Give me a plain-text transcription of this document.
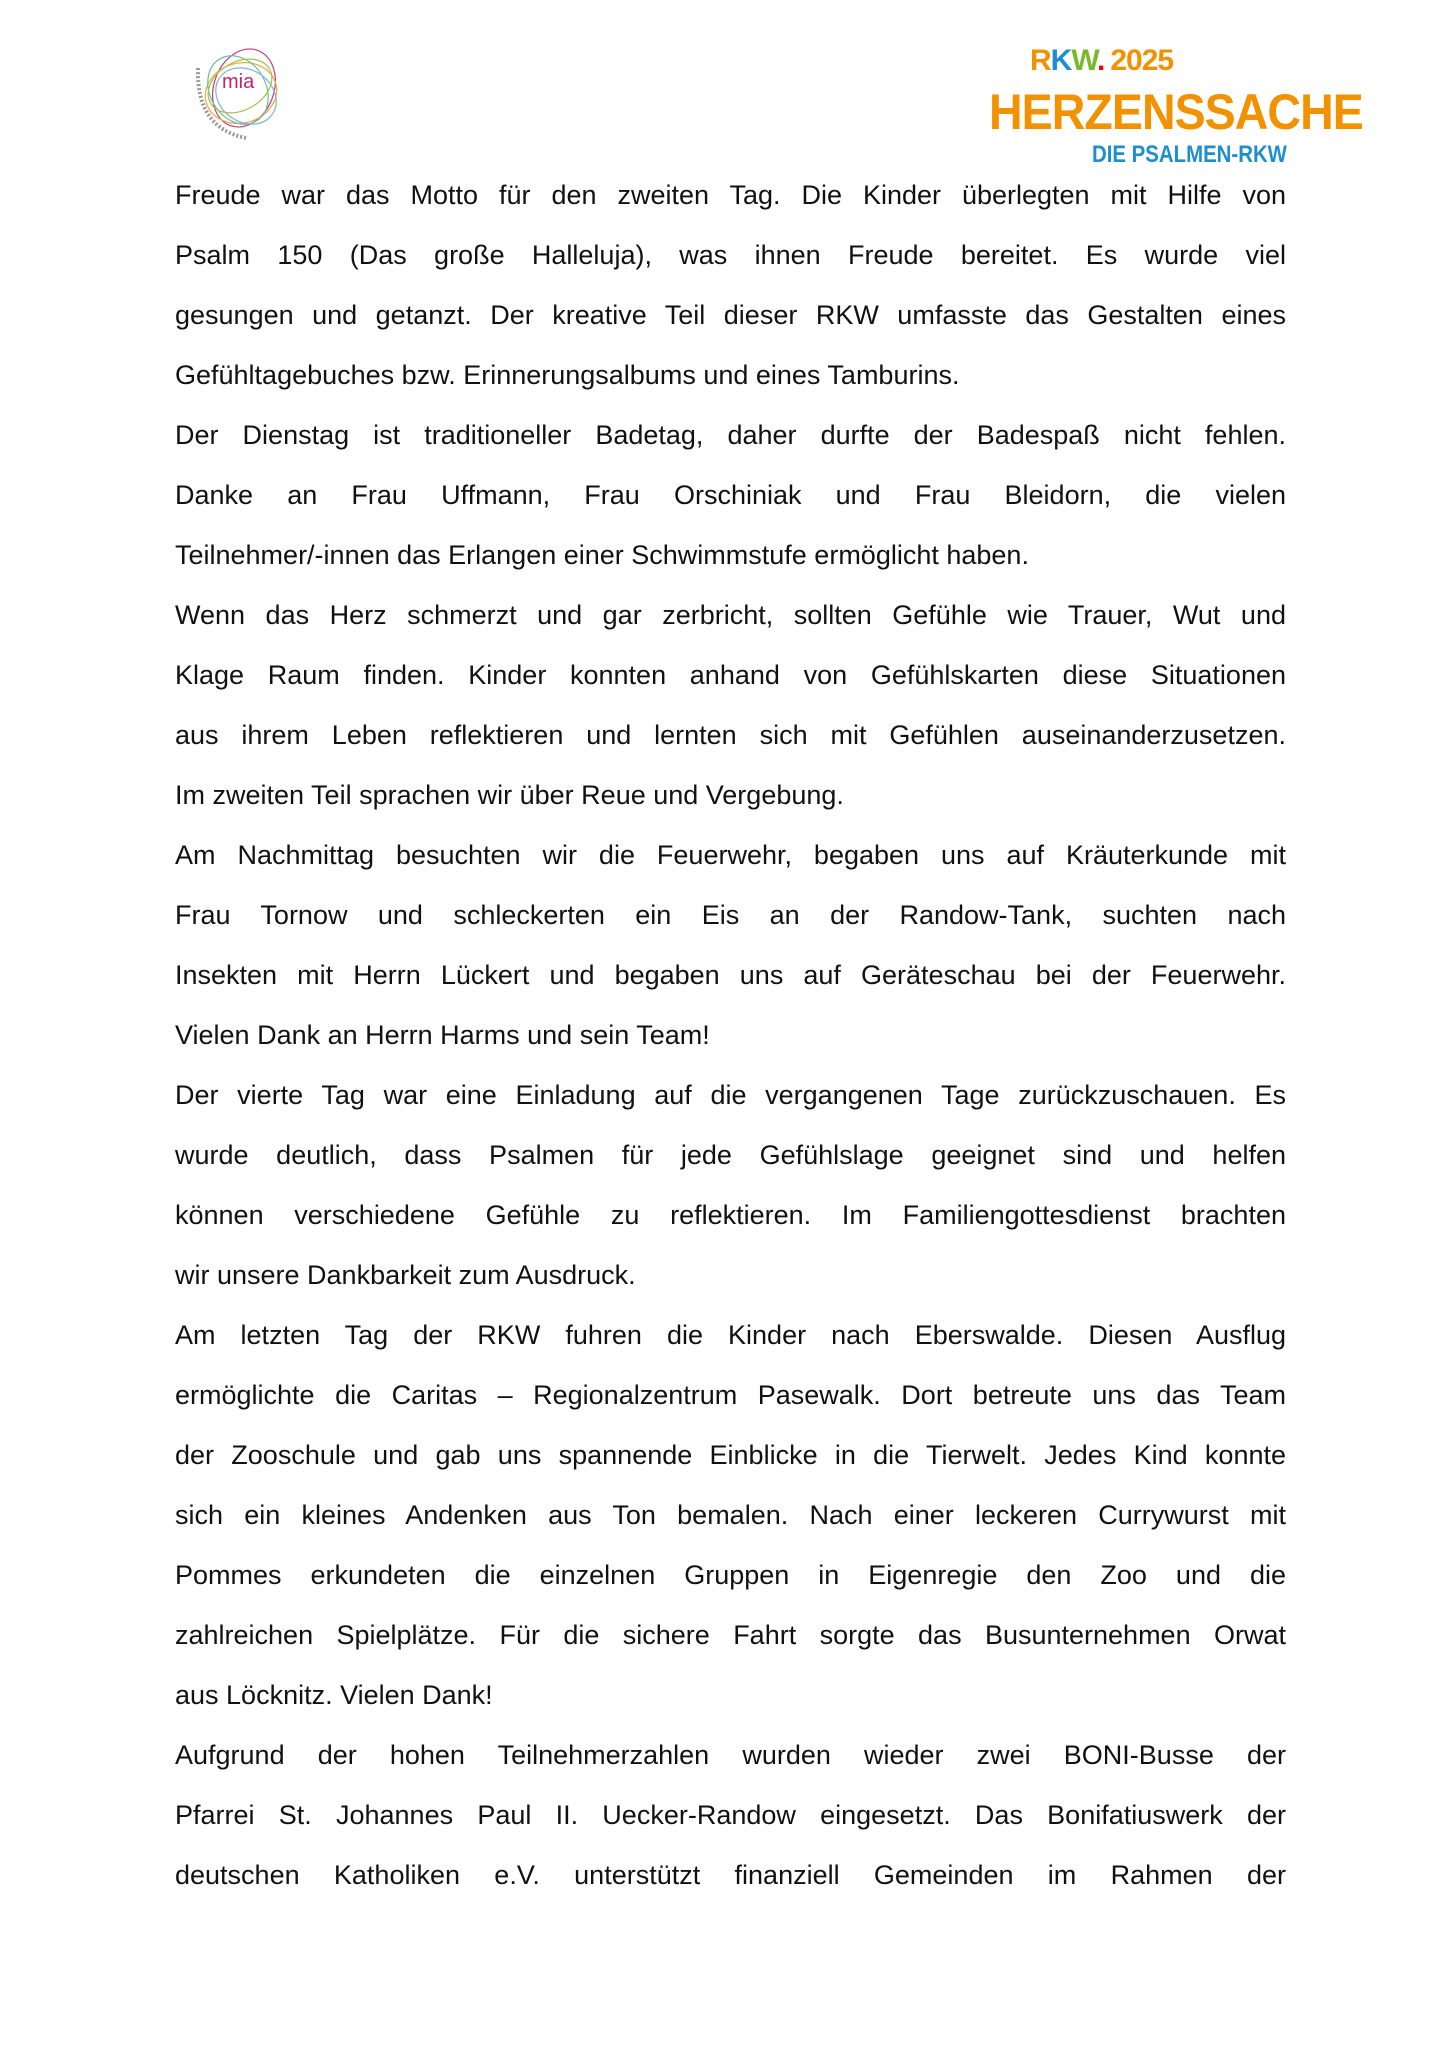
mia
RKW. 2025
HERZENSSACHE
DIE PSALMEN-RKW
Freude war das Motto für den zweiten Tag. Die Kinder überlegten mit Hilfe von
Psalm 150 (Das große Halleluja), was ihnen Freude bereitet. Es wurde viel
gesungen und getanzt. Der kreative Teil dieser RKW umfasste das Gestalten eines
Gefühltagebuches bzw. Erinnerungsalbums und eines Tamburins.
Der Dienstag ist traditioneller Badetag, daher durfte der Badespaß nicht fehlen.
Danke an Frau Uffmann, Frau Orschiniak und Frau Bleidorn, die vielen
Teilnehmer/-innen das Erlangen einer Schwimmstufe ermöglicht haben.
Wenn das Herz schmerzt und gar zerbricht, sollten Gefühle wie Trauer, Wut und
Klage Raum finden. Kinder konnten anhand von Gefühlskarten diese Situationen
aus ihrem Leben reflektieren und lernten sich mit Gefühlen auseinanderzusetzen.
Im zweiten Teil sprachen wir über Reue und Vergebung.
Am Nachmittag besuchten wir die Feuerwehr, begaben uns auf Kräuterkunde mit
Frau Tornow und schleckerten ein Eis an der Randow-Tank, suchten nach
Insekten mit Herrn Lückert und begaben uns auf Geräteschau bei der Feuerwehr.
Vielen Dank an Herrn Harms und sein Team!
Der vierte Tag war eine Einladung auf die vergangenen Tage zurückzuschauen. Es
wurde deutlich, dass Psalmen für jede Gefühlslage geeignet sind und helfen
können verschiedene Gefühle zu reflektieren. Im Familiengottesdienst brachten
wir unsere Dankbarkeit zum Ausdruck.
Am letzten Tag der RKW fuhren die Kinder nach Eberswalde. Diesen Ausflug
ermöglichte die Caritas – Regionalzentrum Pasewalk. Dort betreute uns das Team
der Zooschule und gab uns spannende Einblicke in die Tierwelt. Jedes Kind konnte
sich ein kleines Andenken aus Ton bemalen. Nach einer leckeren Currywurst mit
Pommes erkundeten die einzelnen Gruppen in Eigenregie den Zoo und die
zahlreichen Spielplätze. Für die sichere Fahrt sorgte das Busunternehmen Orwat
aus Löcknitz. Vielen Dank!
Aufgrund der hohen Teilnehmerzahlen wurden wieder zwei BONI-Busse der
Pfarrei St. Johannes Paul II. Uecker-Randow eingesetzt. Das Bonifatiuswerk der
deutschen Katholiken e.V. unterstützt finanziell Gemeinden im Rahmen der
